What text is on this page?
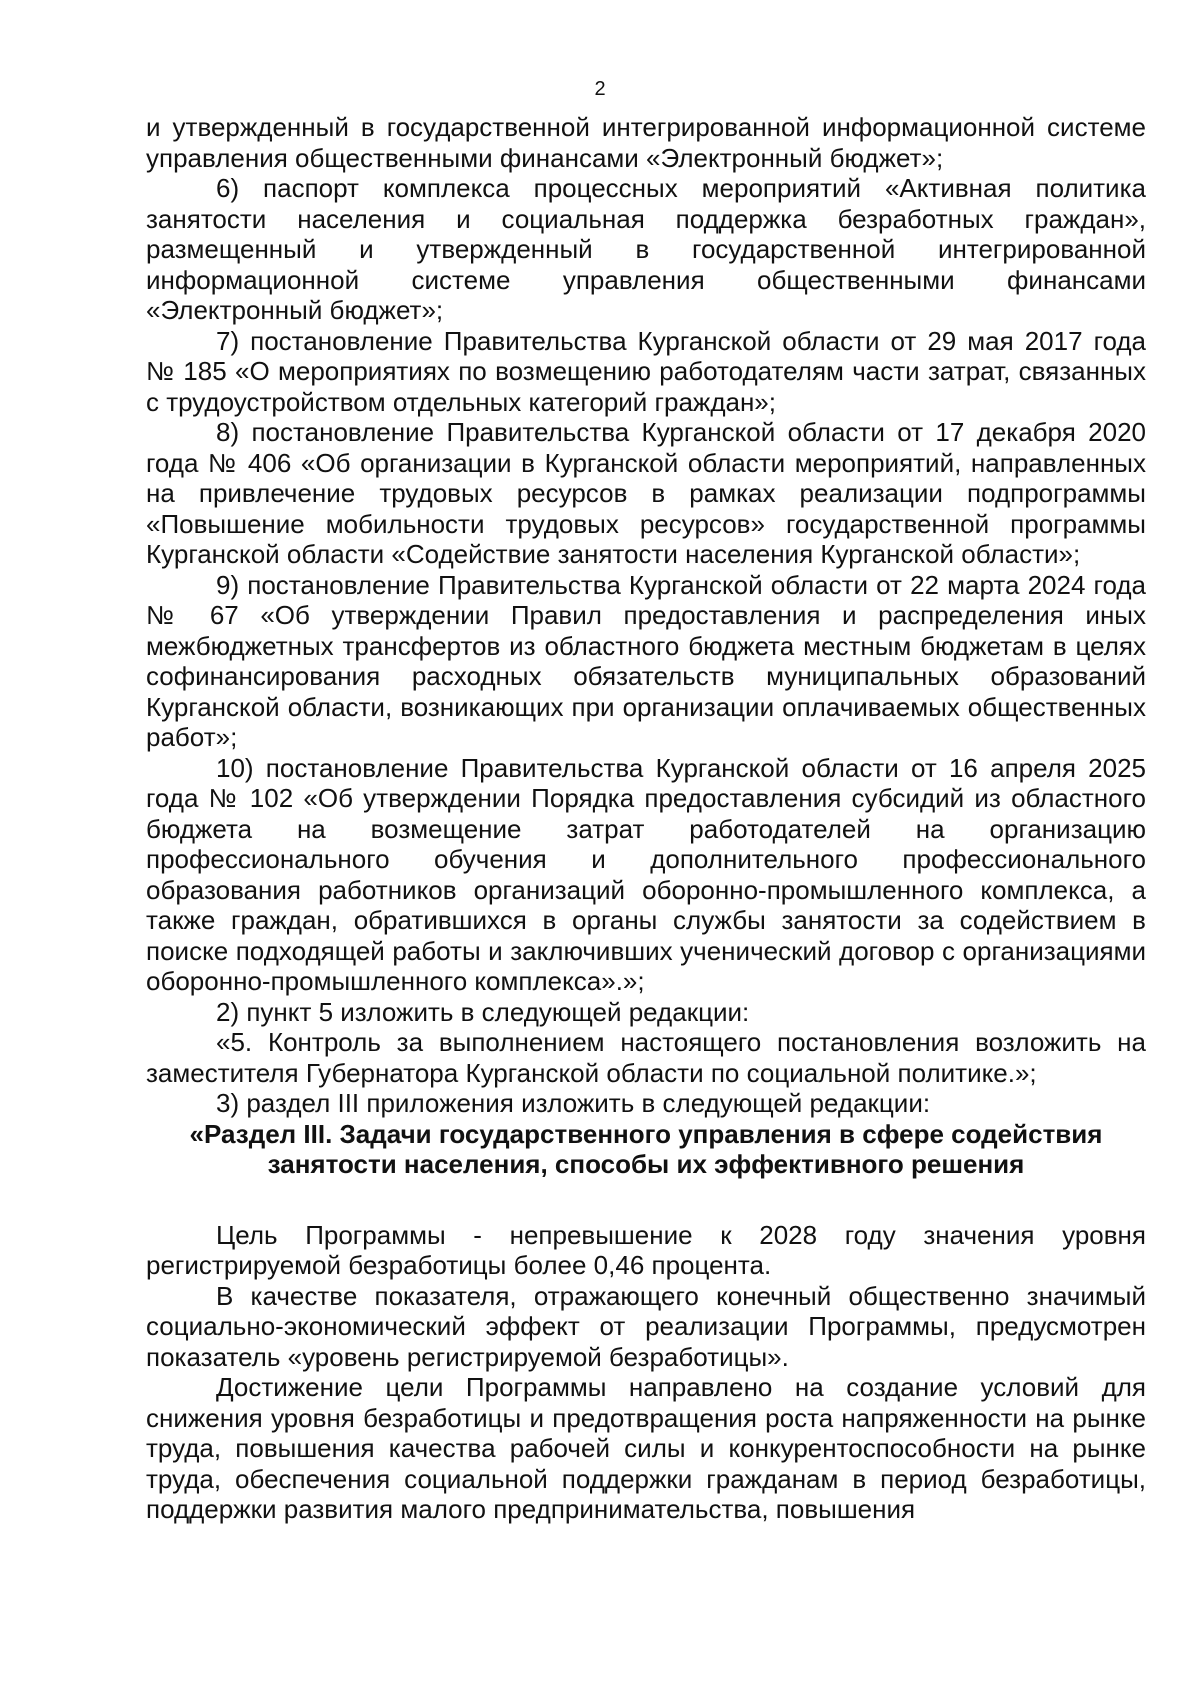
2

и утвержденный в государственной интегрированной информационной системе управления общественными финансами «Электронный бюджет»;

6) паспорт комплекса процессных мероприятий «Активная политика занятости населения и социальная поддержка безработных граждан», размещенный и утвержденный в государственной интегрированной информационной системе управления общественными финансами «Электронный бюджет»;

7) постановление Правительства Курганской области от 29 мая 2017 года № 185 «О мероприятиях по возмещению работодателям части затрат, связанных с трудоустройством отдельных категорий граждан»;

8) постановление Правительства Курганской области от 17 декабря 2020 года № 406 «Об организации в Курганской области мероприятий, направленных на привлечение трудовых ресурсов в рамках реализации подпрограммы «Повышение мобильности трудовых ресурсов» государственной программы Курганской области «Содействие занятости населения Курганской области»;

9) постановление Правительства Курганской области от 22 марта 2024 года № 67 «Об утверждении Правил предоставления и распределения иных межбюджетных трансфертов из областного бюджета местным бюджетам в целях софинансирования расходных обязательств муниципальных образований Курганской области, возникающих при организации оплачиваемых общественных работ»;

10) постановление Правительства Курганской области от 16 апреля 2025 года № 102 «Об утверждении Порядка предоставления субсидий из областного бюджета на возмещение затрат работодателей на организацию профессионального обучения и дополнительного профессионального образования работников организаций оборонно-промышленного комплекса, а также граждан, обратившихся в органы службы занятости за содействием в поиске подходящей работы и заключивших ученический договор с организациями оборонно-промышленного комплекса».»;

2) пункт 5 изложить в следующей редакции:

«5. Контроль за выполнением настоящего постановления возложить на заместителя Губернатора Курганской области по социальной политике.»;

3) раздел III приложения изложить в следующей редакции:

«Раздел III. Задачи государственного управления в сфере содействия занятости населения, способы их эффективного решения

Цель Программы - непревышение к 2028 году значения уровня регистрируемой безработицы более 0,46 процента.

В качестве показателя, отражающего конечный общественно значимый социально-экономический эффект от реализации Программы, предусмотрен показатель «уровень регистрируемой безработицы».

Достижение цели Программы направлено на создание условий для снижения уровня безработицы и предотвращения роста напряженности на рынке труда, повышения качества рабочей силы и конкурентоспособности на рынке труда, обеспечения социальной поддержки гражданам в период безработицы, поддержки развития малого предпринимательства, повышения
